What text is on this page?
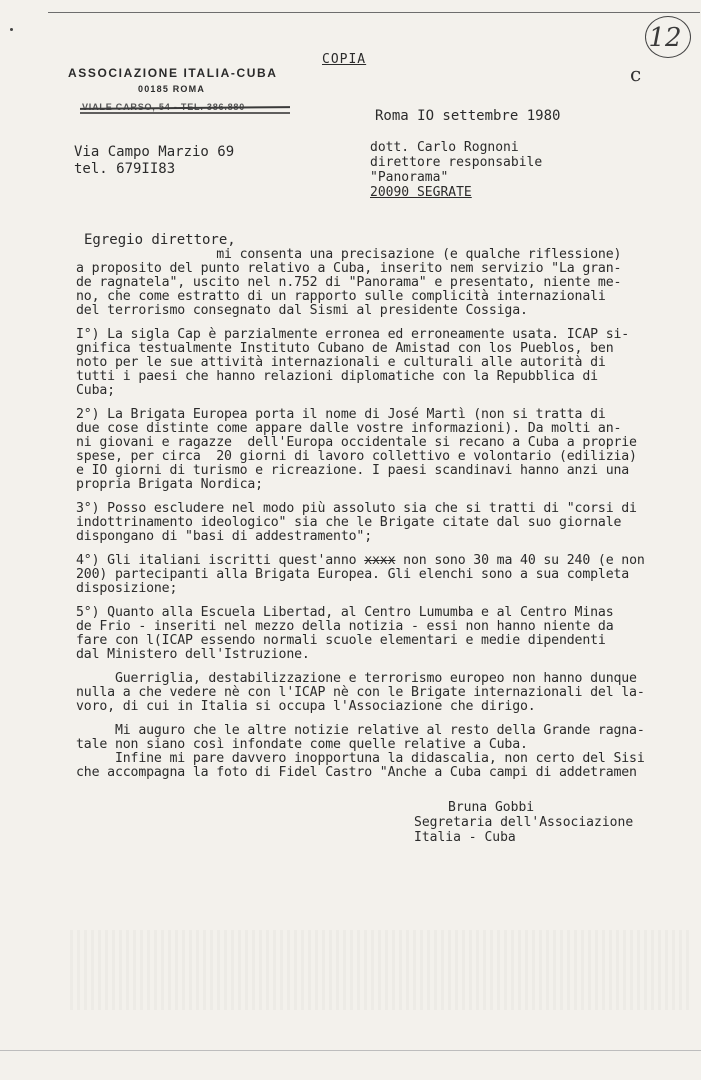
12
COPIA
c
ASSOCIAZIONE ITALIA-CUBA
00185 ROMA
Roma IO settembre 1980
Via Campo Marzio 69
tel. 679II83
dott. Carlo Rognoni
direttore responsabile
"Panorama"
20090 SEGRATE
Egregio direttore,
mi consenta una precisazione (e qualche riflessione)
a proposito del punto relativo a Cuba, inserito nem servizio "La gran-
de ragnatela", uscito nel n.752 di "Panorama" e presentato, niente me-
no, che come estratto di un rapporto sulle complicità internazionali
del terrorismo consegnato dal Sismi al presidente Cossiga.
I°) La sigla Cap è parzialmente erronea ed erroneamente usata. ICAP si-
gnifica testualmente Instituto Cubano de Amistad con los Pueblos, ben
noto per le sue attività internazionali e culturali alle autorità di
tutti i paesi che hanno relazioni diplomatiche con la Repubblica di
Cuba;
2°) La Brigata Europea porta il nome di José Martì (non si tratta di
due cose distinte come appare dalle vostre informazioni). Da molti an-
ni giovani e ragazze  dell'Europa occidentale si recano a Cuba a proprie
spese, per circa  20 giorni di lavoro collettivo e volontario (edilizia)
e IO giorni di turismo e ricreazione. I paesi scandinavi hanno anzi una
propria Brigata Nordica;
3°) Posso escludere nel modo più assoluto sia che si tratti di "corsi di
indottrinamento ideologico" sia che le Brigate citate dal suo giornale
dispongano di "basi di addestramento";
4°) Gli italiani iscritti quest'anno xxxx non sono 30 ma 40 su 240 (e non
200) partecipanti alla Brigata Europea. Gli elenchi sono a sua completa
disposizione;
5°) Quanto alla Escuela Libertad, al Centro Lumumba e al Centro Minas
de Frio - inseriti nel mezzo della notizia - essi non hanno niente da
fare con l(ICAP essendo normali scuole elementari e medie dipendenti
dal Ministero dell'Istruzione.
Guerriglia, destabilizzazione e terrorismo europeo non hanno dunque
nulla a che vedere nè con l'ICAP nè con le Brigate internazionali del la-
voro, di cui in Italia si occupa l'Associazione che dirigo.
Mi auguro che le altre notizie relative al resto della Grande ragna-
tale non siano così infondate come quelle relative a Cuba.
Infine mi pare davvero inopportuna la didascalia, non certo del Sisi
che accompagna la foto di Fidel Castro "Anche a Cuba campi di addetramen
Bruna Gobbi
Segretaria dell'Associazione
Italia - Cuba
